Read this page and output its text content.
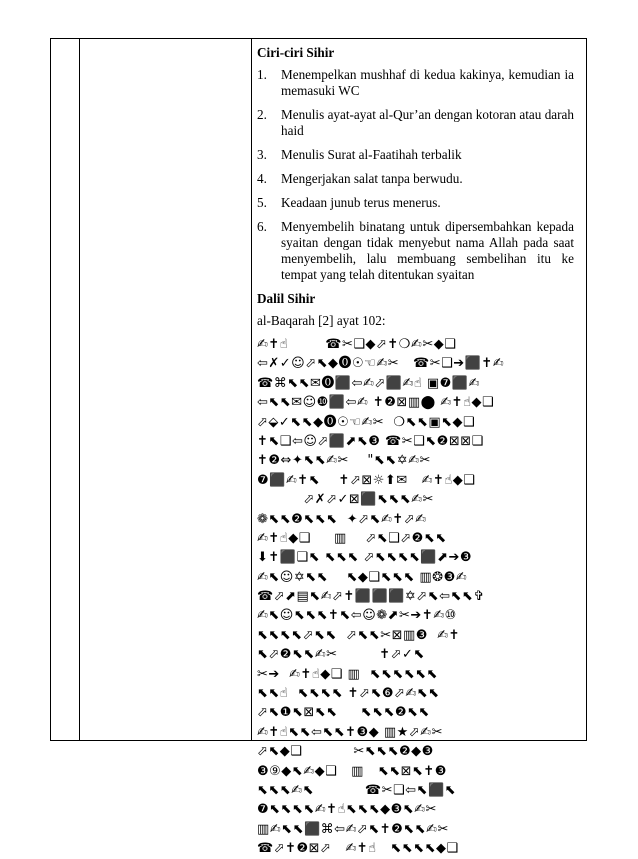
Ciri-ciri Sihir
1. Menempelkan mushhaf di kedua kakinya, kemudian ia memasuki WC
2. Menulis ayat-ayat al-Qur’an dengan kotoran atau darah haid
3. Menulis Surat al-Faatihah terbalik
4. Mengerjakan salat tanpa berwudu.
5. Keadaan junub terus menerus.
6. Menyembelih binatang untuk dipersembahkan kepada syaitan dengan tidak menyebut nama Allah pada saat menyembelih, lalu membuang sembelihan itu ke tempat yang telah ditentukan syaitan
Dalil Sihir
al-Baqarah [2] ayat 102:
✍✝☝        ☎✂❑◆⬀✝❍✍✂◆❑
⇦✗✓☺⬀⬉◆⓿☉☜✍✂   ☎✂❑➔⬛✝✍
☎⌘⬉⬉✉⓿⬛⇦✍⬀⬛✍☝ ▣❼⬛✍
⇦⬉⬉✉☺❿⬛⇦✍ ✝❷⊠▥⬤ ✍✝☝◆❑
⬀⬙✓⬉⬉◆⓿☉☜✍✂  ❍⬉⬉▣⬉◆❑
✝⬉❑⇦☺⬀⬛⬈⬉❸ ☎✂❑⬉❷⊠⊠❑
✝❷⇔✦⬉⬉✍✂    "⬉⬉✡✍✂
❼⬛✍✝⬉    ✝⬀⊠☼⬆✉   ✍✝☝◆❑
⬀✗⬀✓⊠⬛⬉⬉⬉✍✂
❁⬉⬉❷⬉⬉⬉  ✦⬀⬉✍✝⬀✍
✍✝☝◆❑     ▥    ⬀⬉❑⬀❷⬉⬉
⬇✝⬛❑⬉ ⬉⬉⬉ ⬀⬉⬉⬉⬉⬛⬈➔❸
✍⬉☺✡⬉⬉    ⬉◆❑⬉⬉⬉ ▥❂❸✍
☎⬀⬈▤⬉✍⬀✝⬛⬛⬛✡⬀⬉⇦⬉⬉✞
✍⬉☺⬉⬉⬉✝⬉⇦☺❁⬈✂➔✝✍⑩
⬉⬉⬉⬉⬀⬉⬉  ⬀⬉⬉✂⊠▥❸  ✍✝
⬉⬀❷⬉⬉✍✂         ✝⬀✓⬉
✂➔  ✍✝☝◆❑ ▥  ⬉⬉⬉⬉⬉⬉
⬉⬉☝  ⬉⬉⬉⬉ ✝⬀⬉❻⬀✍⬉⬉
⬀⬉❶⬉⊠⬉⬉     ⬉⬉⬉❷⬉⬉
✍✝☝⬉⬉⇦⬉⬉✝❸◆ ▥★⬀✍✂
⬀⬉◆❑           ✂⬉⬉⬉❷◆❸
❸⑨◆⬉✍◆❑   ▥   ⬉⬉⊠⬉✝❸
⬉⬉⬉✍⬉           ☎✂❑⇦⬉⬛⬉
❼⬉⬉⬉⬉✍✝☝⬉⬉⬉◆❸⬉✍✂
▥✍⬉⬉⬛⌘⇦✍⬀⬉✝❷⬉⬉✍✂
☎⬀✝❷⊠⬀   ✍✝☝   ⬉⬉⬉⬉◆❑
